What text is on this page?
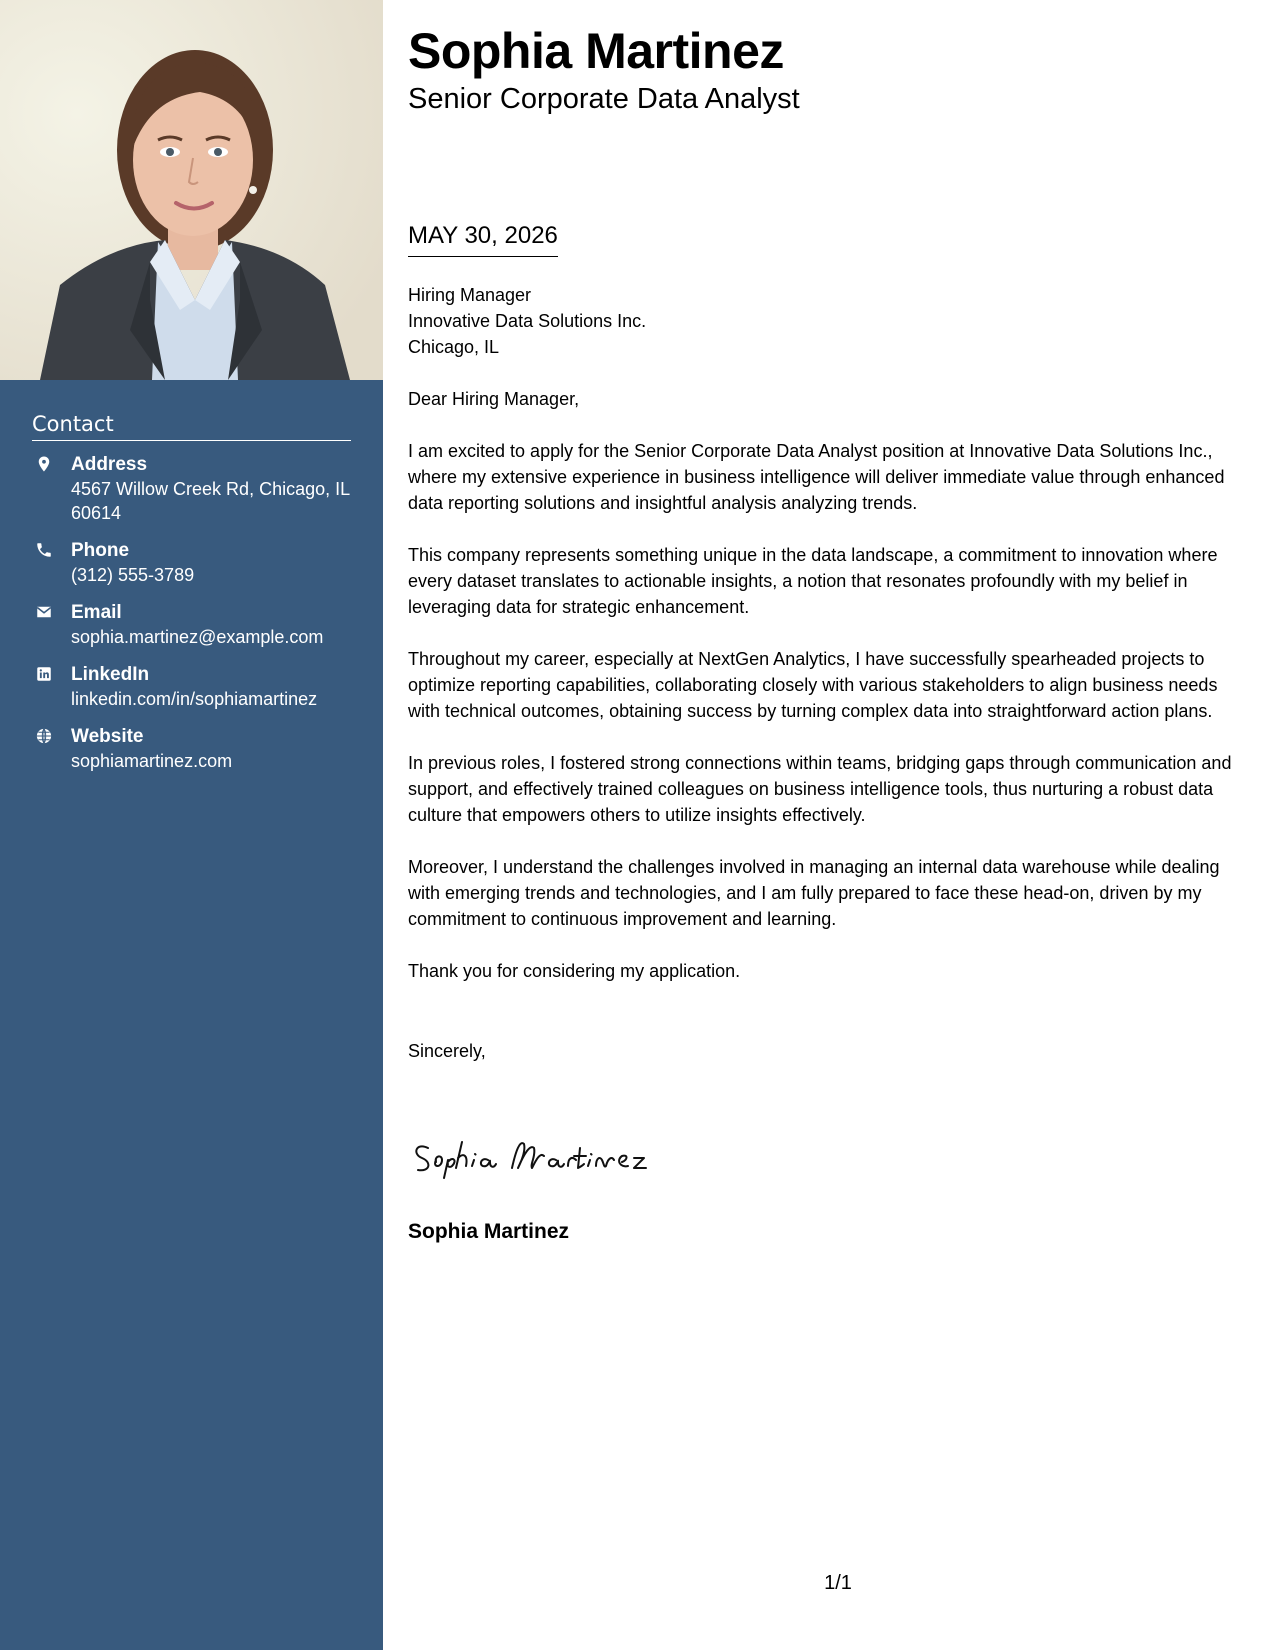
Contact
Address
4567 Willow Creek Rd, Chicago, IL 60614
Phone
(312) 555-3789
Email
sophia.martinez@example.com
LinkedIn
linkedin.com/in/sophiamartinez
Website
sophiamartinez.com
Sophia Martinez
Senior Corporate Data Analyst
MAY 30, 2026

Hiring Manager
Innovative Data Solutions Inc.
Chicago, IL

Dear Hiring Manager,

I am excited to apply for the Senior Corporate Data Analyst position at Innovative Data Solutions Inc., where my extensive experience in business intelligence will deliver immediate value through enhanced data reporting solutions and insightful analysis analyzing trends.

This company represents something unique in the data landscape, a commitment to innovation where every dataset translates to actionable insights, a notion that resonates profoundly with my belief in leveraging data for strategic enhancement.

Throughout my career, especially at NextGen Analytics, I have successfully spearheaded projects to optimize reporting capabilities, collaborating closely with various stakeholders to align business needs with technical outcomes, obtaining success by turning complex data into straightforward action plans.

In previous roles, I fostered strong connections within teams, bridging gaps through communication and support, and effectively trained colleagues on business intelligence tools, thus nurturing a robust data culture that empowers others to utilize insights effectively.

Moreover, I understand the challenges involved in managing an internal data warehouse while dealing with emerging trends and technologies, and I am fully prepared to face these head-on, driven by my commitment to continuous improvement and learning.

Thank you for considering my application.

Sincerely,

Sophia Martinez
1/1
